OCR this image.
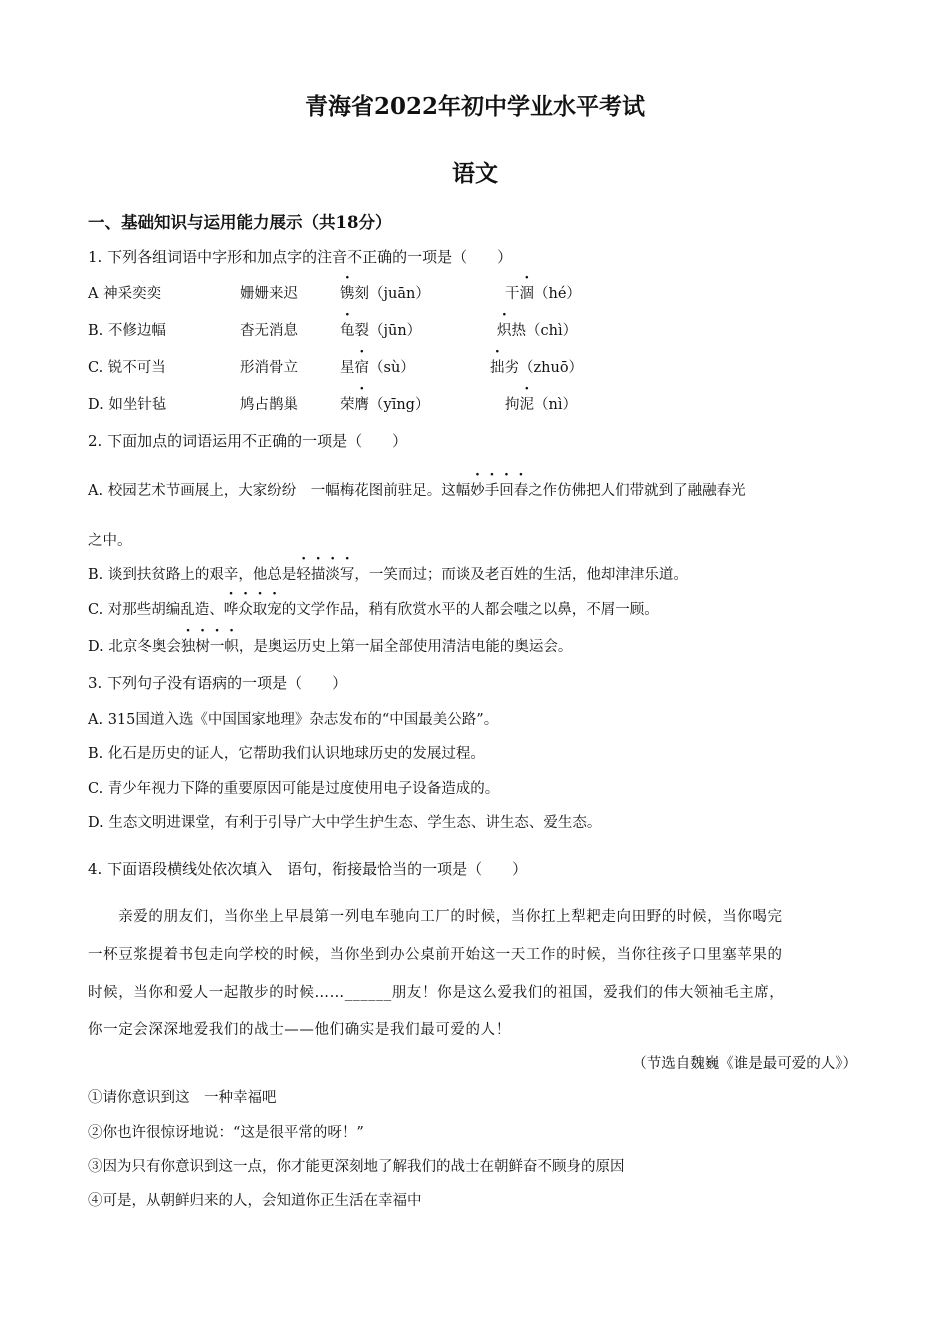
青海省2022年初中学业水平考试
语文
一、基础知识与运用能力展示（共18分）
1. 下列各组词语中字形和加点字的注音不正确的一项是（　　）
A 神采奕奕	姗姗来迟	镌刻（juān）	干涸（hé）
B. 不修边幅	杳无消息	龟裂（jūn）	炽热（chì）
C. 锐不可当	形消骨立	星宿（sù）	拙劣（zhuō）
D. 如坐针毡	鸠占鹊巢	荣膺（yīng）	拘泥（nì）
2. 下面加点的词语运用不正确的一项是（　　）
A. 校园艺术节画展上，大家纷纷　一幅梅花图前驻足。这幅妙手回春之作仿佛把人们带就到了融融春光
之中。
B. 谈到扶贫路上的艰辛，他总是轻描淡写，一笑而过；而谈及老百姓的生活，他却津津乐道。
C. 对那些胡编乱造、哗众取宠的文学作品，稍有欣赏水平的人都会嗤之以鼻，不屑一顾。
D. 北京冬奥会独树一帜，是奥运历史上第一届全部使用清洁电能的奥运会。
3. 下列句子没有语病的一项是（　　）
A. 315国道入选《中国国家地理》杂志发布的“中国最美公路”。
B. 化石是历史的证人，它帮助我们认识地球历史的发展过程。
C. 青少年视力下降的重要原因可能是过度使用电子设备造成的。
D. 生态文明进课堂，有利于引导广大中学生护生态、学生态、讲生态、爱生态。
4. 下面语段横线处依次填入　语句，衔接最恰当的一项是（　　）
　　亲爱的朋友们，当你坐上早晨第一列电车驰向工厂的时候，当你扛上犁耙走向田野的时候，当你喝完
一杯豆浆提着书包走向学校的时候，当你坐到办公桌前开始这一天工作的时候，当你往孩子口里塞苹果的
时候，当你和爱人一起散步的时候……______朋友！你是这么爱我们的祖国，爱我们的伟大领袖毛主席，
你一定会深深地爱我们的战士——他们确实是我们最可爱的人！
（节选自魏巍《谁是最可爱的人》）
①请你意识到这　一种幸福吧
②你也许很惊讶地说：“这是很平常的呀！”
③因为只有你意识到这一点，你才能更深刻地了解我们的战士在朝鲜奋不顾身的原因
④可是，从朝鲜归来的人，会知道你正生活在幸福中
